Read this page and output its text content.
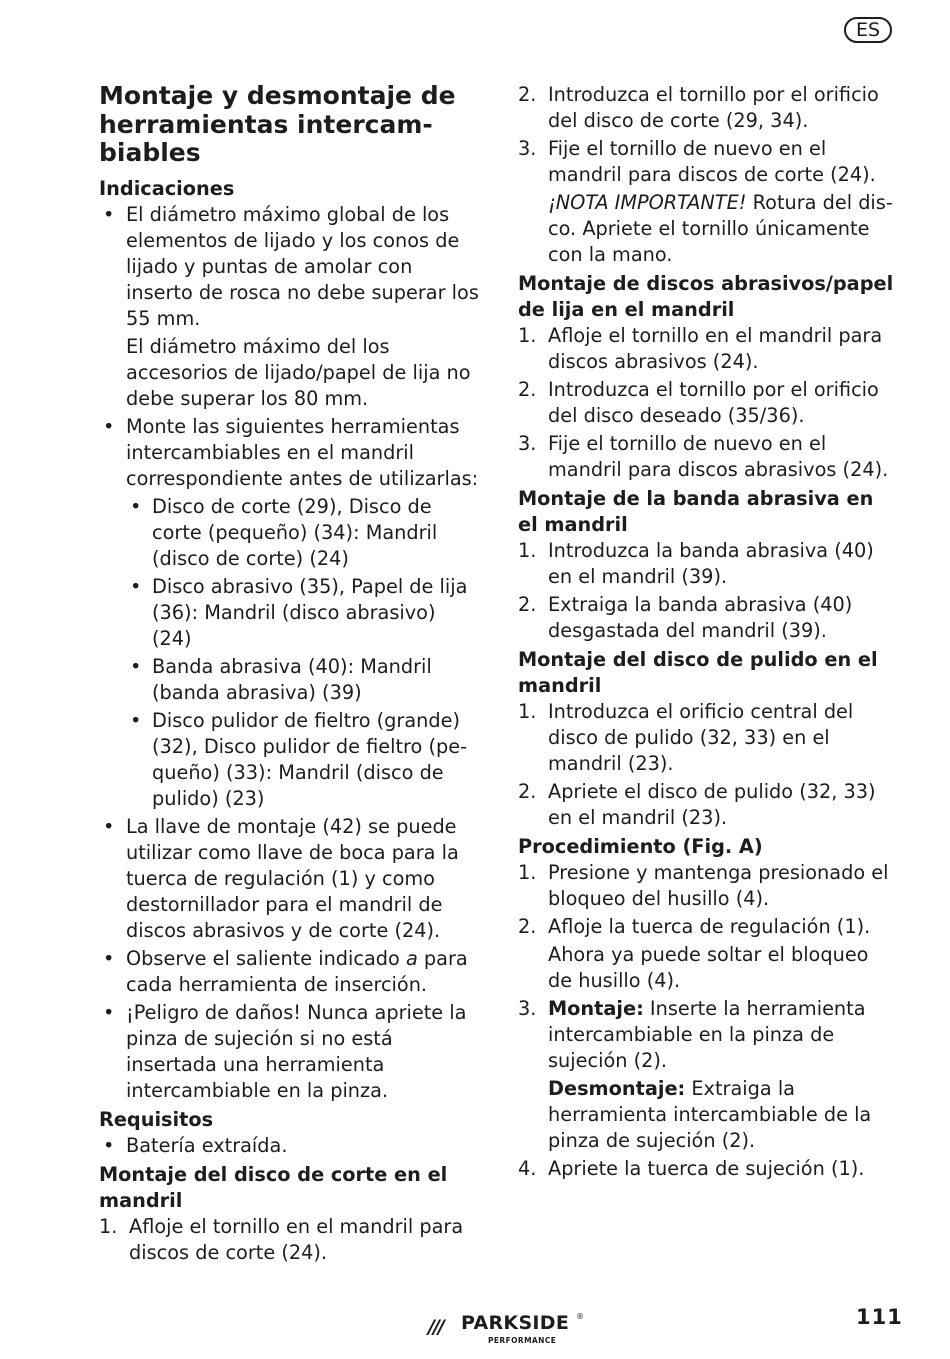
ES
Montaje y desmontaje de herramientas intercambiables
Indicaciones
• El diámetro máximo global de los elementos de lijado y los conos de lijado y puntas de amolar con inserto de rosca no debe superar los 55 mm.

El diámetro máximo del los accesorios de lijado/papel de lija no debe superar los 80 mm.

• Monte las siguientes herramientas intercambiables en el mandril correspondiente antes de utilizarlas:
• Disco de corte (29), Disco de corte (pequeño) (34): Mandril (disco de corte) (24)
• Disco abrasivo (35), Papel de lija (36): Mandril (disco abrasivo) (24)
• Banda abrasiva (40): Mandril (banda abrasiva) (39)
• Disco pulidor de fieltro (grande) (32), Disco pulidor de fieltro (pequeño) (33): Mandril (disco de pulido) (23)
• La llave de montaje (42) se puede utilizar como llave de boca para la tuerca de regulación (1) y como destornillador para el mandril de discos abrasivos y de corte (24).
• Observe el saliente indicado a para cada herramienta de inserción.
• ¡Peligro de daños! Nunca apriete la pinza de sujeción si no está insertada una herramienta intercambiable en la pinza.
Requisitos
• Batería extraída.
Montaje del disco de corte en el mandril
1. Afloje el tornillo en el mandril para discos de corte (24).
2. Introduzca el tornillo por el orificio del disco de corte (29, 34).
3. Fije el tornillo de nuevo en el mandril para discos de corte (24).

¡NOTA IMPORTANTE! Rotura del disco. Apriete el tornillo únicamente con la mano.

Montaje de discos abrasivos/papel de lija en el mandril
1. Afloje el tornillo en el mandril para discos abrasivos (24).
2. Introduzca el tornillo por el orificio del disco deseado (35/36).
3. Fije el tornillo de nuevo en el mandril para discos abrasivos (24).
Montaje de la banda abrasiva en el mandril
1. Introduzca la banda abrasiva (40) en el mandril (39).
2. Extraiga la banda abrasiva (40) desgastada del mandril (39).
Montaje del disco de pulido en el mandril
1. Introduzca el orificio central del disco de pulido (32, 33) en el mandril (23).
2. Apriete el disco de pulido (32, 33) en el mandril (23).
Procedimiento (Fig. A)
1. Presione y mantenga presionado el bloqueo del husillo (4).
2. Afloje la tuerca de regulación (1).

Ahora ya puede soltar el bloqueo de husillo (4).

3. Montaje: Inserte la herramienta intercambiable en la pinza de sujeción (2).

Desmontaje: Extraiga la herramienta intercambiable de la pinza de sujeción (2).

4. Apriete la tuerca de sujeción (1).
/// PARKSIDE ®
PERFORMANCE
111
